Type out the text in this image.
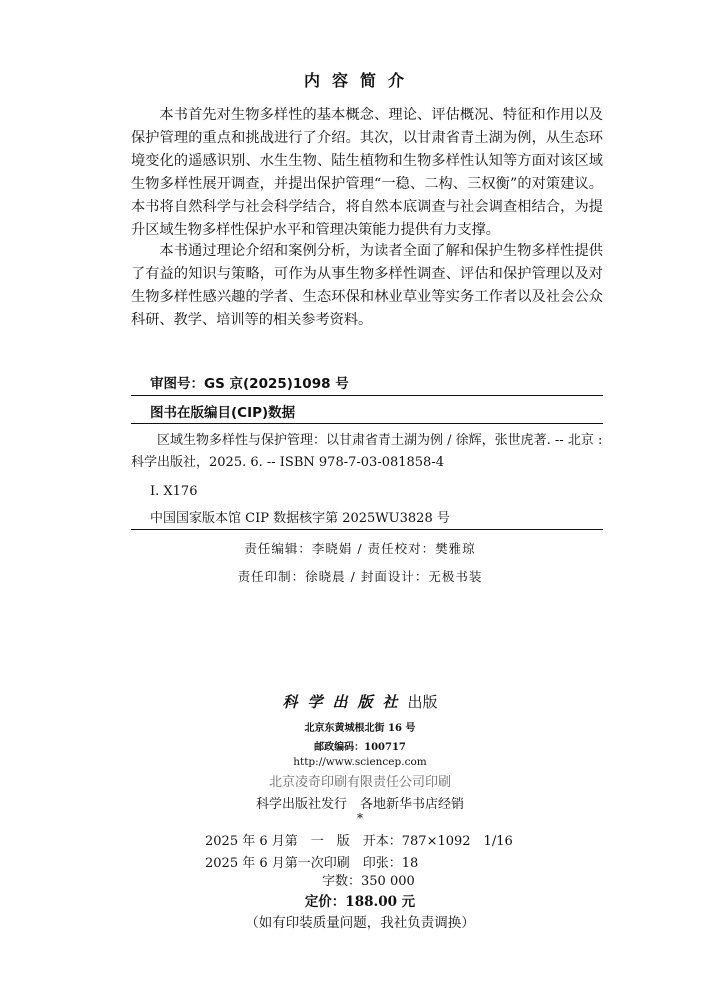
内容简介

本书首先对生物多样性的基本概念、理论、评估概况、特征和作用以及保护管理的重点和挑战进行了介绍。其次，以甘肃省青土湖为例，从生态环境变化的遥感识别、水生生物、陆生植物和生物多样性认知等方面对该区域生物多样性展开调查，并提出保护管理“一稳、二构、三权衡”的对策建议。本书将自然科学与社会科学结合，将自然本底调查与社会调查相结合，为提升区域生物多样性保护水平和管理决策能力提供有力支撑。

本书通过理论介绍和案例分析，为读者全面了解和保护生物多样性提供了有益的知识与策略，可作为从事生物多样性调查、评估和保护管理以及对生物多样性感兴趣的学者、生态环保和林业草业等实务工作者以及社会公众科研、教学、培训等的相关参考资料。

审图号：GS 京(2025)1098 号
图书在版编目(CIP)数据

区域生物多样性与保护管理：以甘肃省青土湖为例 / 徐辉，张世虎著. -- 北京 : 科学出版社，2025. 6. -- ISBN 978-7-03-081858-4

Ⅰ. X176
中国国家版本馆 CIP 数据核字第 2025WU3828 号
责任编辑：李晓娟 / 责任校对：樊雅琼
责任印制：徐晓晨 / 封面设计：无极书装
科学出版社出版
北京东黄城根北街 16 号
邮政编码：100717
http://www.sciencep.com
北京凌奇印刷有限责任公司印刷
科学出版社发行　各地新华书店经销
*
2025 年 6 月第　一　版　开本：787×1092　1/16
2025 年 6 月第一次印刷　印张：18
　　　　　　　　　字数：350 000
定价：188.00 元
（如有印装质量问题，我社负责调换）
